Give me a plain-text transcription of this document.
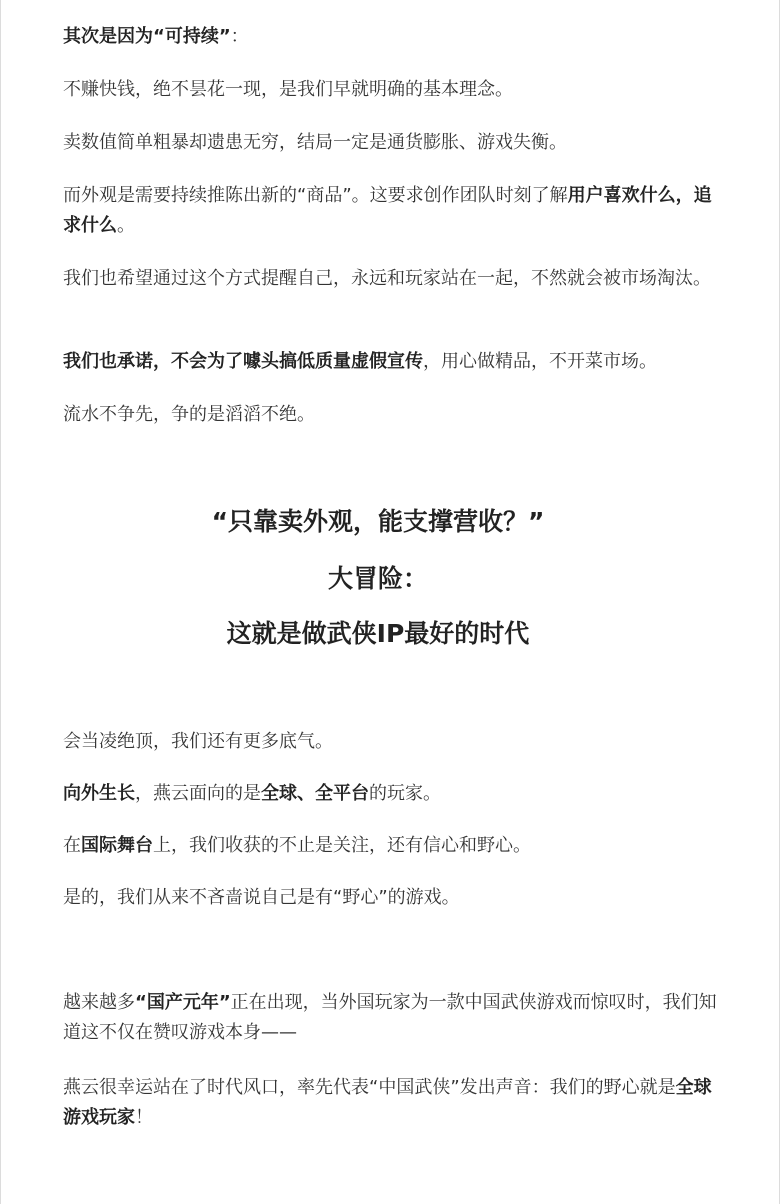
其次是因为“可持续”：

不赚快钱，绝不昙花一现，是我们早就明确的基本理念。

卖数值简单粗暴却遗患无穷，结局一定是通货膨胀、游戏失衡。

而外观是需要持续推陈出新的“商品”。这要求创作团队时刻了解用户喜欢什么，追求什么。

我们也希望通过这个方式提醒自己，永远和玩家站在一起，不然就会被市场淘汰。

我们也承诺，不会为了噱头搞低质量虚假宣传，用心做精品，不开菜市场。

流水不争先，争的是滔滔不绝。

“只靠卖外观，能支撑营收？”
大冒险：
这就是做武侠IP最好的时代

会当凌绝顶，我们还有更多底气。

向外生长，燕云面向的是全球、全平台的玩家。

在国际舞台上，我们收获的不止是关注，还有信心和野心。

是的，我们从来不吝啬说自己是有“野心”的游戏。

越来越多“国产元年”正在出现，当外国玩家为一款中国武侠游戏而惊叹时，我们知道这不仅在赞叹游戏本身——

燕云很幸运站在了时代风口，率先代表“中国武侠”发出声音：我们的野心就是全球游戏玩家！
